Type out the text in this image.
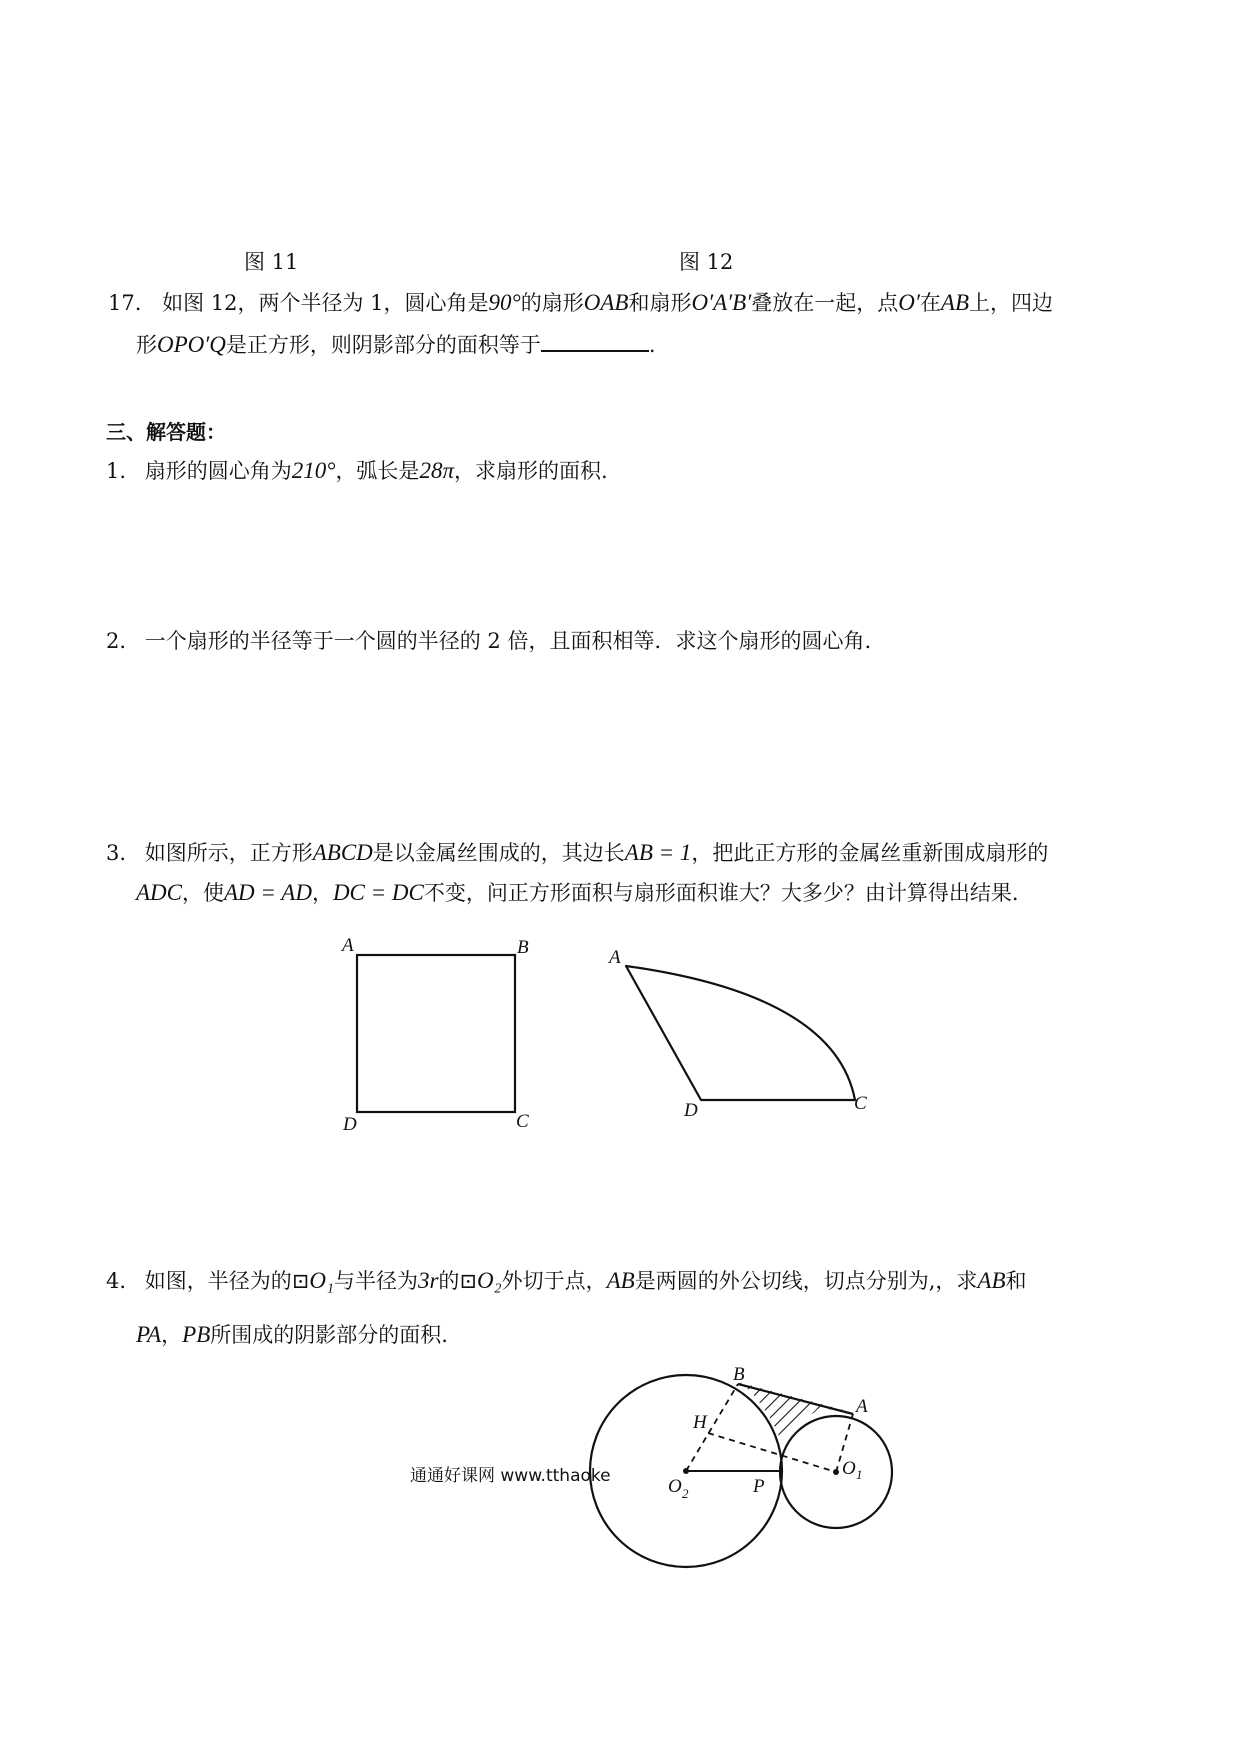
图 11	图 12
17. 如图 12，两个半径为 1，圆心角是90°的扇形OAB和扇形O′A′B′叠放在一起，点O′在AB上，四边
形OPO′Q是正方形，则阴影部分的面积等于	.
三、解答题：
1. 扇形的圆心角为210°，弧长是28π，求扇形的面积.
2. 一个扇形的半径等于一个圆的半径的 2 倍，且面积相等．求这个扇形的圆心角.
3. 如图所示，正方形ABCD是以金属丝围成的，其边长AB = 1，把此正方形的金属丝重新围成扇形的
ADC，使AD = AD，DC = DC不变，问正方形面积与扇形面积谁大？大多少？由计算得出结果.
A	B
C
D
A
C
D
4. 如图，半径为的⊡O₁与半径为3r的⊡O₂外切于点，AB是两圆的外公切线，切点分别为,，求AB和
PA，PB所围成的阴影部分的面积.
B
A
H
O 2	P
O 1
通通好课网 www.tthaoke
